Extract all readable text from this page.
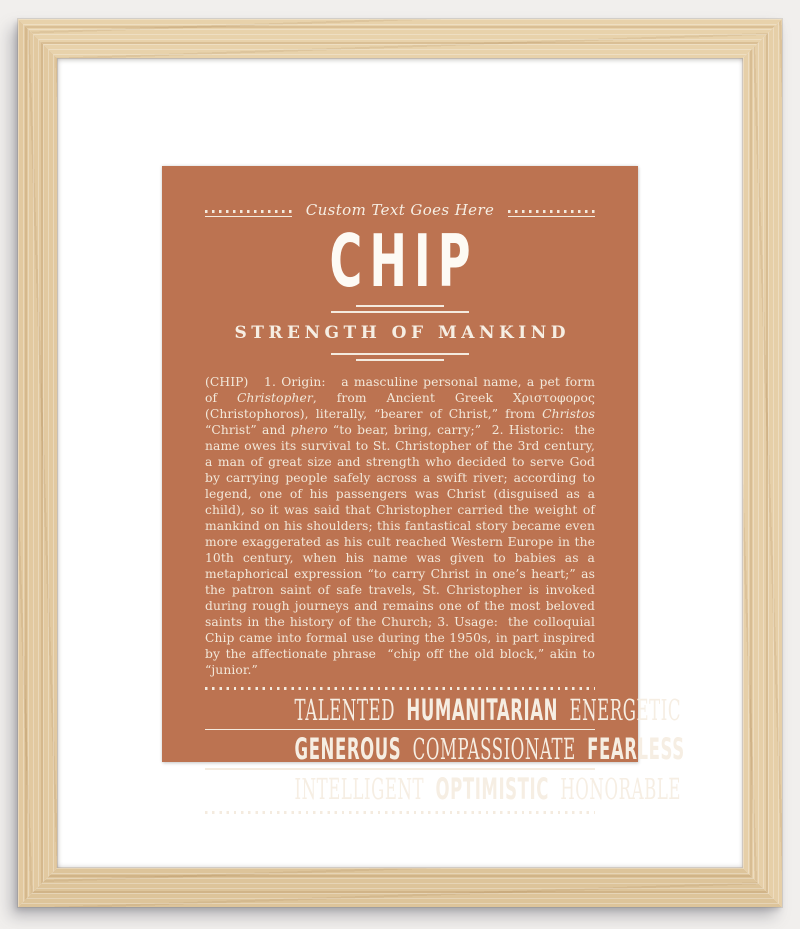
Custom Text Goes Here
CHIP
STRENGTH OF MANKIND

(CHIP)   1. Origin:   a masculine personal name, a pet form of Christopher, from Ancient Greek Χριστοφορος (Christophoros), literally, “bearer of Christ,” from Christos “Christ” and phero “to bear, bring, carry;”  2. Historic:  the name owes its survival to St. Christopher of the 3rd century, a man of great size and strength who decided to serve God by carrying people safely across a swift river; according to legend, one of his passengers was Christ (disguised as a child), so it was said that Christopher carried the weight of mankind on his shoulders; this fantastical story became even more exaggerated as his cult reached Western Europe in the 10th century, when his name was given to babies as a metaphorical expression “to carry Christ in one’s heart;” as the patron saint of safe travels, St. Christopher is invoked during rough journeys and remains one of the most beloved saints in the history of the Church; 3. Usage:  the colloquial Chip came into formal use during the 1950s, in part inspired by the affectionate phrase  “chip off the old block,” akin to “junior.”

TALENTED HUMANITARIAN ENERGETIC
GENEROUS COMPASSIONATE FEARLESS
INTELLIGENT OPTIMISTIC HONORABLE
